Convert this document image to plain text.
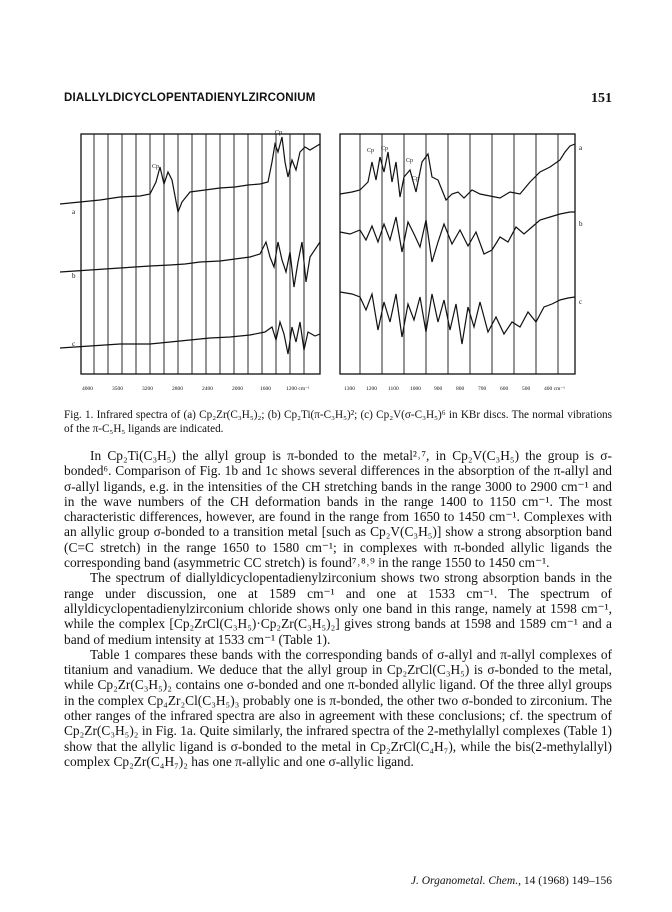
DIALLYLDICYCLOPENTADIENYLZIRCONIUM	151
Cp
Cp
a
b
c
4000	3500	3200	2800	2400	2000	1600	1200 cm⁻¹
Cp Cp
Cp
Cp
a
b
c
1300 1200 1100 1000 900	800	700	600	500	400 cm⁻¹
Fig. 1. Infrared spectra of (a) Cp₂Zr(C₃H₅)₂; (b) Cp₂Ti(π-C₃H₅)²; (c) Cp₂V(σ-C₃H₅)⁶ in KBr discs. The normal vibrations of the π-C₅H₅ ligands are indicated.

In Cp₂Ti(C₃H₅) the allyl group is π-bonded to the metal²˒⁷, in Cp₂V(C₃H₅) the group is σ-bonded⁶. Comparison of Fig. 1b and 1c shows several differences in the absorption of the π-allyl and σ-allyl ligands, e.g. in the intensities of the CH stretching bands in the range 3000 to 2900 cm⁻¹ and in the wave numbers of the CH deformation bands in the range 1400 to 1150 cm⁻¹. The most characteristic differences, however, are found in the range from 1650 to 1450 cm⁻¹. Complexes with an allylic group σ-bonded to a transition metal [such as Cp₂V(C₃H₅)] show a strong absorption band (C=C stretch) in the range 1650 to 1580 cm⁻¹; in complexes with π-bonded allylic ligands the corresponding band (asymmetric CC stretch) is found⁷˒⁸˒⁹ in the range 1550 to 1450 cm⁻¹.

The spectrum of diallyldicyclopentadienylzirconium shows two strong absorption bands in the range under discussion, one at 1589 cm⁻¹ and one at 1533 cm⁻¹. The spectrum of allyldicyclopentadienylzirconium chloride shows only one band in this range, namely at 1598 cm⁻¹, while the complex [Cp₂ZrCl(C₃H₅)·Cp₂Zr(C₃H₅)₂] gives strong bands at 1598 and 1589 cm⁻¹ and a band of medium intensity at 1533 cm⁻¹ (Table 1).

Table 1 compares these bands with the corresponding bands of σ-allyl and π-allyl complexes of titanium and vanadium. We deduce that the allyl group in Cp₂ZrCl(C₃H₅) is σ-bonded to the metal, while Cp₂Zr(C₃H₅)₂ contains one σ-bonded and one π-bonded allylic ligand. Of the three allyl groups in the complex Cp₄Zr₂Cl(C₃H₅)₃ probably one is π-bonded, the other two σ-bonded to zirconium. The other ranges of the infrared spectra are also in agreement with these conclusions; cf. the spectrum of Cp₂Zr(C₃H₅)₂ in Fig. 1a. Quite similarly, the infrared spectra of the 2-methylallyl complexes (Table 1) show that the allylic ligand is σ-bonded to the metal in Cp₂ZrCl(C₄H₇), while the bis(2-methylallyl) complex Cp₂Zr(C₄H₇)₂ has one π-allylic and one σ-allylic ligand.

J. Organometal. Chem., 14 (1968) 149–156
